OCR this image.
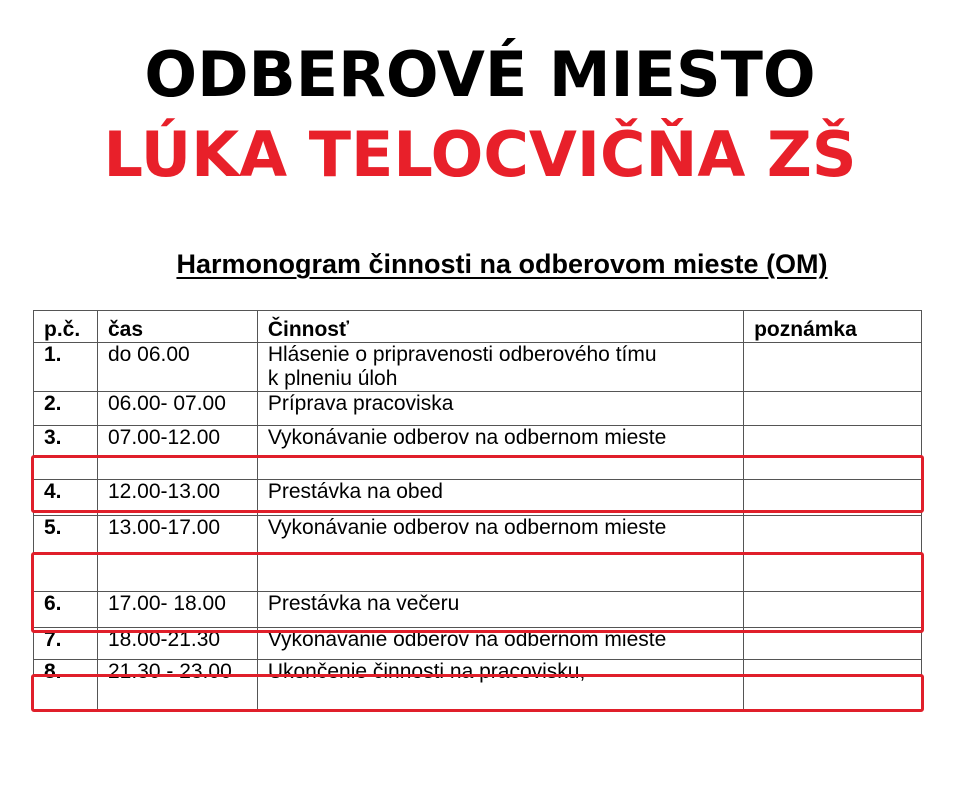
ODBEROVÉ MIESTO
LÚKA TELOCVIČŇA ZŠ
Harmonogram činnosti na odberovom mieste (OM)
p.č.	čas	Činnosť	poznámka
1.	do 06.00	Hlásenie o pripravenosti odberového tímu
k plneniu úloh	

2.	06.00- 07.00	Príprava pracoviska	
3.	07.00-12.00	Vykonávanie odberov na odbernom mieste	
4.	12.00-13.00	Prestávka na obed	
5.	13.00-17.00	Vykonávanie odberov na odbernom mieste	
6.	17.00- 18.00	Prestávka na večeru	
7.	18.00-21.30	Vykonávanie odberov na odbernom mieste	
8.	21.30 - 23.00	Ukončenie činnosti na pracovisku,	
